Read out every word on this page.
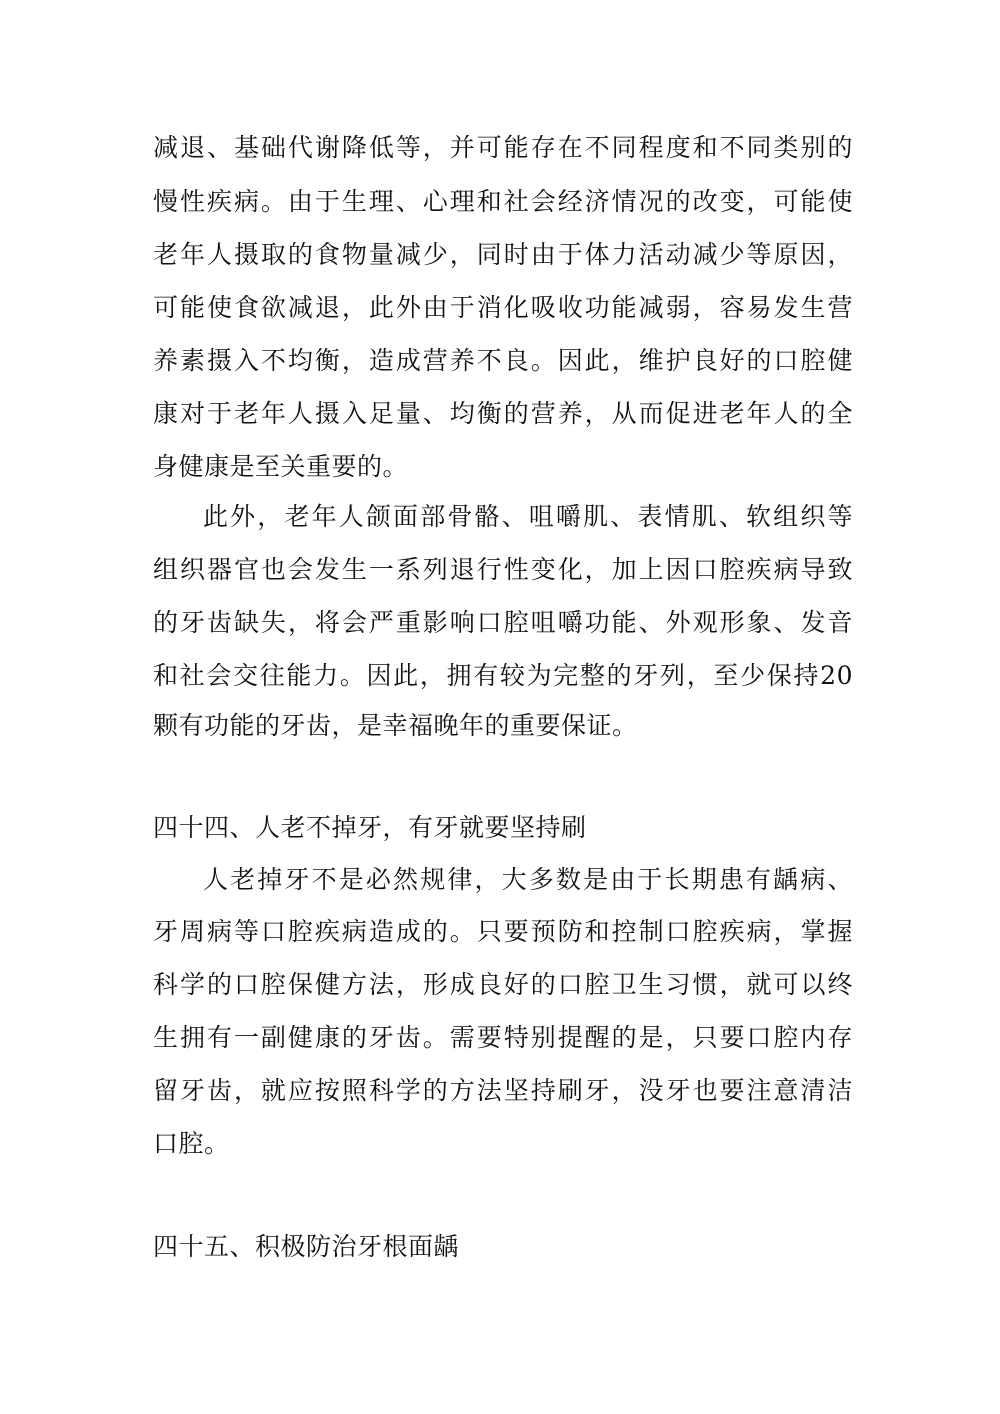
减退、基础代谢降低等，并可能存在不同程度和不同类别的
慢性疾病。由于生理、心理和社会经济情况的改变，可能使
老年人摄取的食物量减少，同时由于体力活动减少等原因，
可能使食欲减退，此外由于消化吸收功能减弱，容易发生营
养素摄入不均衡，造成营养不良。因此，维护良好的口腔健
康对于老年人摄入足量、均衡的营养，从而促进老年人的全
身健康是至关重要的。
此外，老年人颌面部骨骼、咀嚼肌、表情肌、软组织等
组织器官也会发生一系列退行性变化，加上因口腔疾病导致
的牙齿缺失，将会严重影响口腔咀嚼功能、外观形象、发音
和社会交往能力。因此，拥有较为完整的牙列，至少保持20
颗有功能的牙齿，是幸福晚年的重要保证。
四十四、人老不掉牙，有牙就要坚持刷
人老掉牙不是必然规律，大多数是由于长期患有龋病、
牙周病等口腔疾病造成的。只要预防和控制口腔疾病，掌握
科学的口腔保健方法，形成良好的口腔卫生习惯，就可以终
生拥有一副健康的牙齿。需要特别提醒的是，只要口腔内存
留牙齿，就应按照科学的方法坚持刷牙，没牙也要注意清洁
口腔。
四十五、积极防治牙根面龋
